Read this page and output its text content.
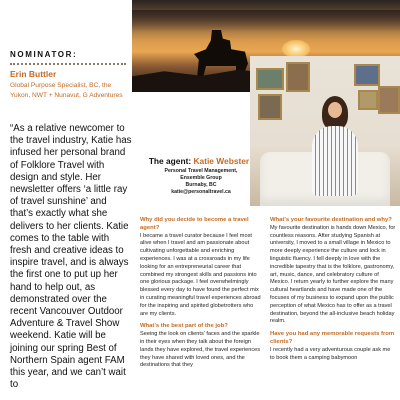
NOMINATOR:
Erin Buttler
Global Purpose Specialist, BC, the Yukon, NWT + Nunavut, G Adventures
“As a relative newcomer to the travel industry, Katie has infused her personal brand of Folklore Travel with design and style. Her newsletter offers ‘a little ray of travel sunshine’ and that’s exactly what she delivers to her clients. Katie comes to the table with fresh and creative ideas to inspire travel, and is always the first one to put up her hand to help out, as demonstrated over the recent Vancouver Outdoor Adventure & Travel Show weekend. Katie will be joining our spring Best of Northern Spain agent FAM this year, and we can’t wait to
The agent: Katie Webster
Personal Travel Management, Ensemble Group
Burnaby, BC
katie@personaltravel.ca

Why did you decide to become a travel agent?

I became a travel curator because I feel most alive when I travel and am passionate about cultivating unforgettable and enriching experiences. I was at a crossroads in my life looking for an entrepreneurial career that combined my strongest skills and passions into one glorious package. I feel overwhelmingly blessed every day to have found the perfect mix in curating meaningful travel experiences abroad for the inspiring and spirited globetrotters who are my clients.

What’s the best part of the job?

Seeing the look on clients’ faces and the sparkle in their eyes when they talk about the foreign lands they have explored, the travel experiences they have shared with loved ones, and the destinations that they

What’s your favourite destination and why?

My favourite destination is hands down Mexico, for countless reasons. After studying Spanish at university, I moved to a small village in Mexico to more deeply experience the culture and lock in linguistic fluency. I fell deeply in love with the incredible tapestry that is the folklore, gastronomy, art, music, dance, and celebratory culture of Mexico. I return yearly to further explore the many cultural heartlands and have made one of the focuses of my business to expand upon the public perception of what Mexico has to offer as a travel destination, beyond the all-inclusive beach holiday realm.

Have you had any memorable requests from clients?

I recently had a very adventurous couple ask me to book them a camping babymoon
